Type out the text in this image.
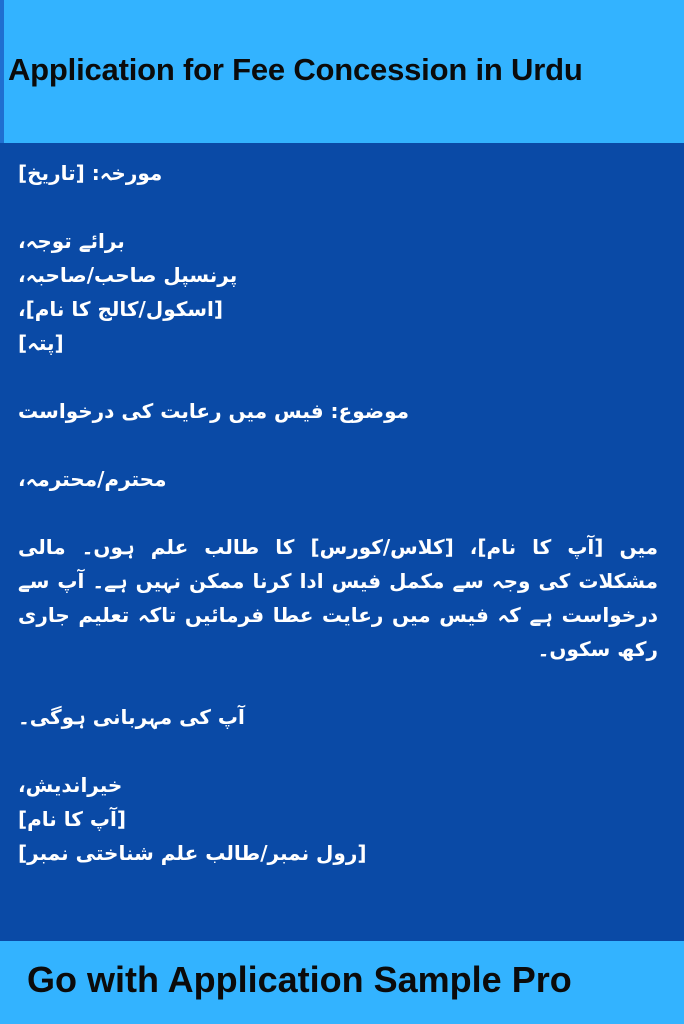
Application for Fee Concession in Urdu
مورخہ: [تاریخ]
برائے توجہ،
پرنسپل صاحب/صاحبہ،
[اسکول/کالج کا نام]،
[پتہ]
موضوع: فیس میں رعایت کی درخواست
محترم/محترمہ،
میں [آپ کا نام]، [کلاس/کورس] کا طالب علم ہوں۔ مالی مشکلات کی وجہ سے مکمل فیس ادا کرنا ممکن نہیں ہے۔ آپ سے درخواست ہے کہ فیس میں رعایت عطا فرمائیں تاکہ تعلیم جاری رکھ سکوں۔
آپ کی مہربانی ہوگی۔
خیراندیش،
[آپ کا نام]
[رول نمبر/طالب علم شناختی نمبر]

Go with Application Sample Pro
